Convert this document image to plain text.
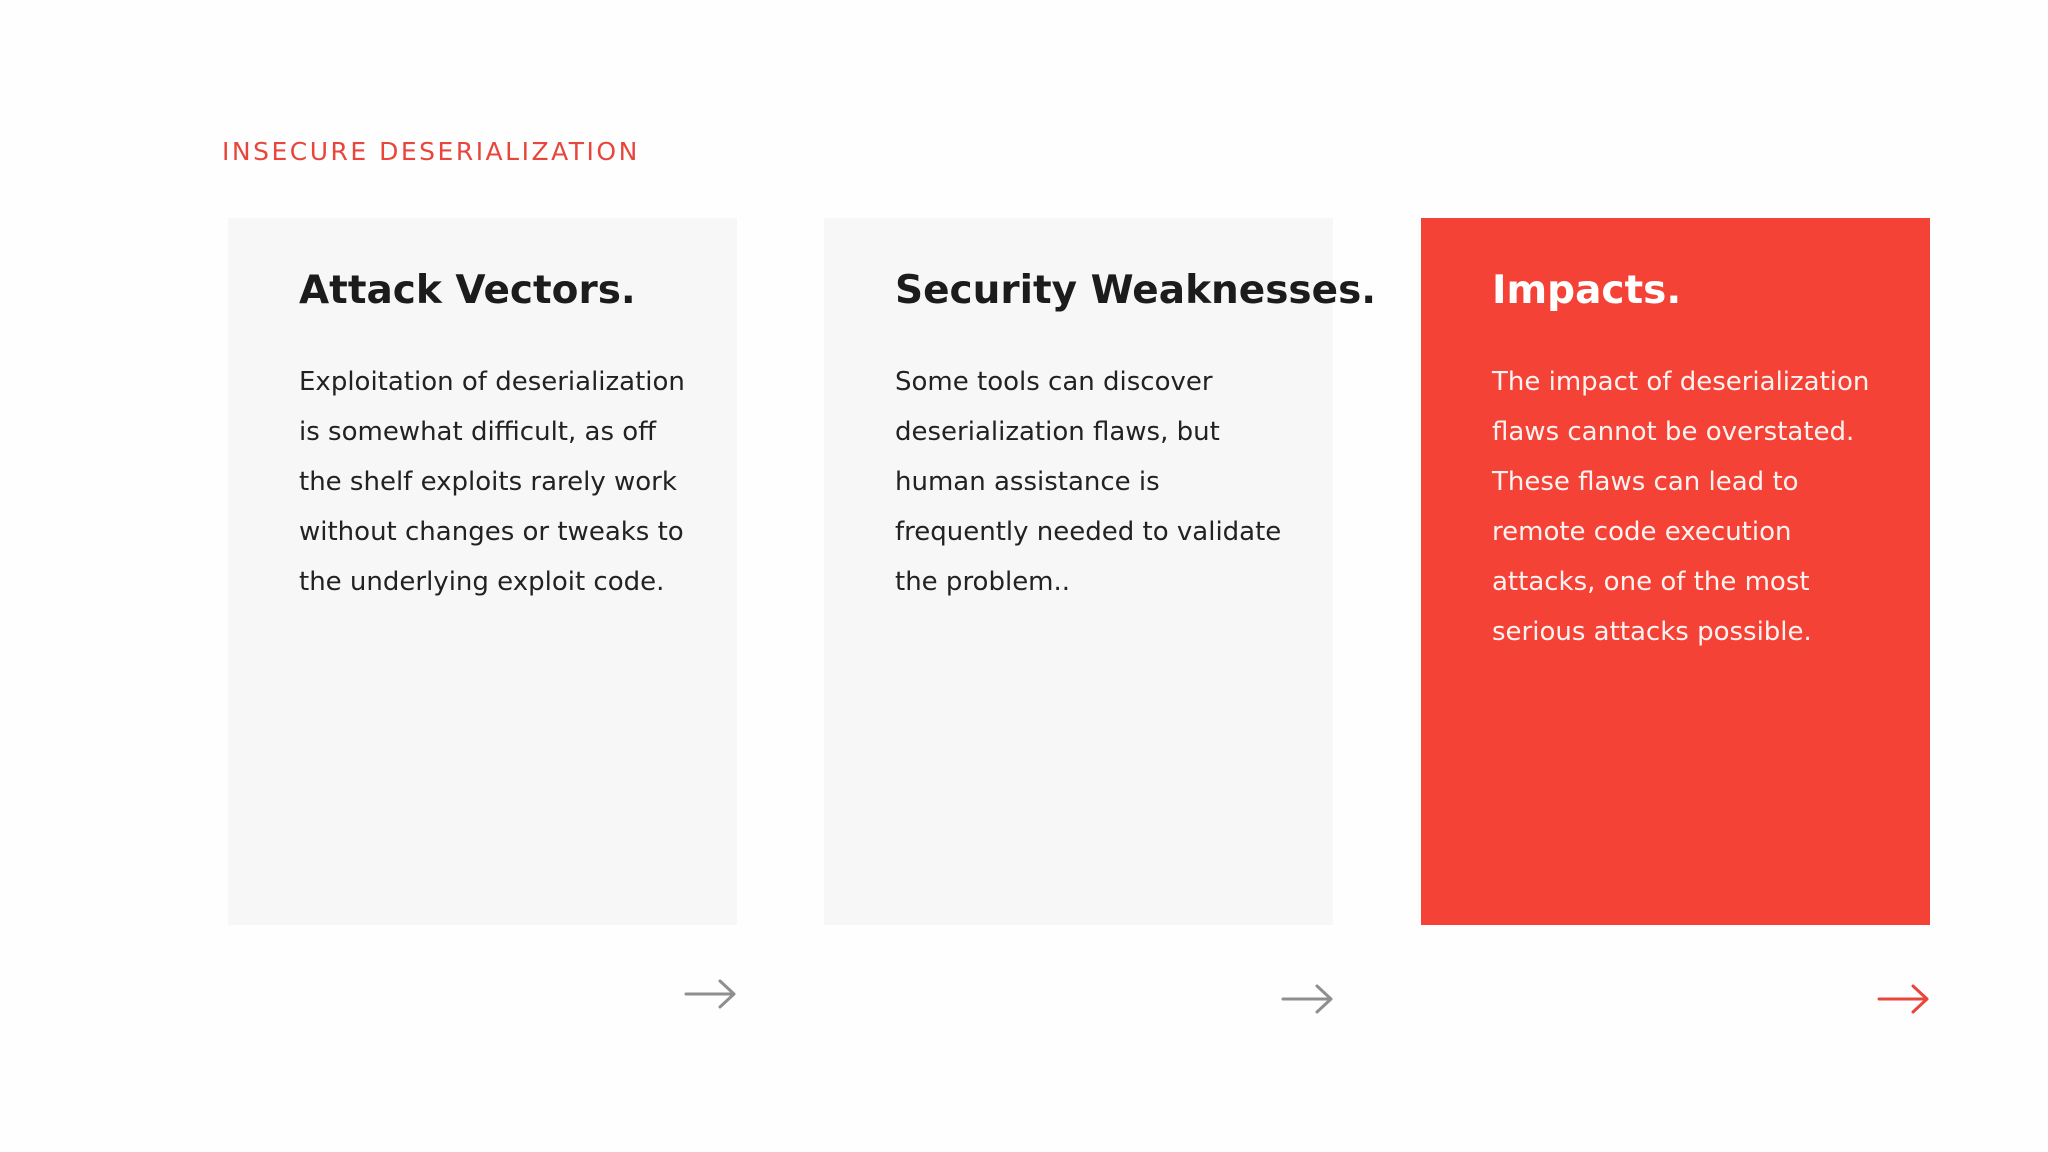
INSECURE DESERIALIZATION
Attack Vectors.
Exploitation of deserialization
is somewhat difficult, as off
the shelf exploits rarely work
without changes or tweaks to
the underlying exploit code.
Security Weaknesses.
Some tools can discover
deserialization flaws, but
human assistance is
frequently needed to validate
the problem..
Impacts.
The impact of deserialization
flaws cannot be overstated.
These flaws can lead to
remote code execution
attacks, one of the most
serious attacks possible.
